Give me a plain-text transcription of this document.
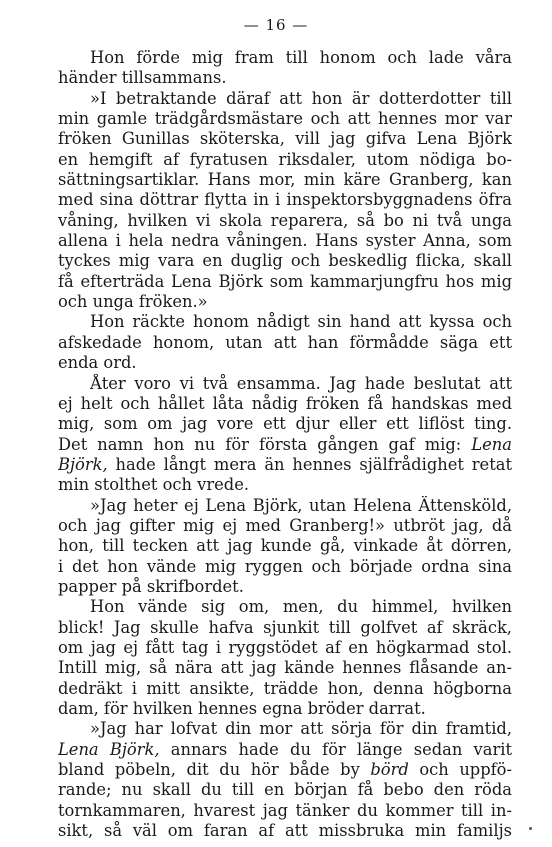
— 16 —
Hon förde mig fram till honom och lade våra
händer tillsammans.
»I betraktande däraf att hon är dotterdotter till
min gamle trädgårdsmästare och att hennes mor var
fröken Gunillas sköterska, vill jag gifva Lena Björk
en hemgift af fyratusen riksdaler, utom nödiga bo-
sättningsartiklar. Hans mor, min käre Granberg, kan
med sina döttrar flytta in i inspektorsbyggnadens öfra
våning, hvilken vi skola reparera, så bo ni två unga
allena i hela nedra våningen. Hans syster Anna, som
tyckes mig vara en duglig och beskedlig flicka, skall
få efterträda Lena Björk som kammarjungfru hos mig
och unga fröken.»
Hon räckte honom nådigt sin hand att kyssa och
afskedade honom, utan att han förmådde säga ett
enda ord.
Åter voro vi två ensamma. Jag hade beslutat att
ej helt och hållet låta nådig fröken få handskas med
mig, som om jag vore ett djur eller ett liflöst ting.
Det namn hon nu för första gången gaf mig: Lena
Björk, hade långt mera än hennes själfrådighet retat
min stolthet och vrede.
»Jag heter ej Lena Björk, utan Helena Ättensköld,
och jag gifter mig ej med Granberg!» utbröt jag, då
hon, till tecken att jag kunde gå, vinkade åt dörren,
i det hon vände mig ryggen och började ordna sina
papper på skrifbordet.
Hon vände sig om, men, du himmel, hvilken
blick! Jag skulle hafva sjunkit till golfvet af skräck,
om jag ej fått tag i ryggstödet af en högkarmad stol.
Intill mig, så nära att jag kände hennes flåsande an-
dedräkt i mitt ansikte, trädde hon, denna högborna
dam, för hvilken hennes egna bröder darrat.
»Jag har lofvat din mor att sörja för din framtid,
Lena Björk, annars hade du för länge sedan varit
bland pöbeln, dit du hör både by börd och uppfö-
rande; nu skall du till en början få bebo den röda
tornkammaren, hvarest jag tänker du kommer till in-
sikt, så väl om faran af att missbruka min familjs
